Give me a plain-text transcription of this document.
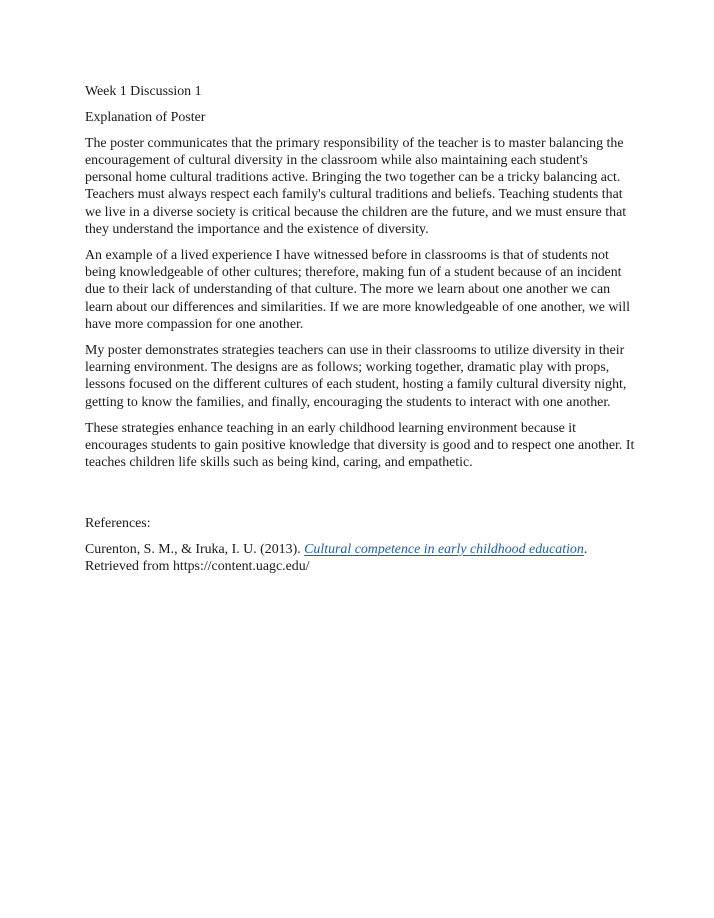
Week 1 Discussion 1

Explanation of Poster

The poster communicates that the primary responsibility of the teacher is to master balancing the encouragement of cultural diversity in the classroom while also maintaining each student's personal home cultural traditions active. Bringing the two together can be a tricky balancing act. Teachers must always respect each family's cultural traditions and beliefs. Teaching students that we live in a diverse society is critical because the children are the future, and we must ensure that they understand the importance and the existence of diversity.

An example of a lived experience I have witnessed before in classrooms is that of students not being knowledgeable of other cultures; therefore, making fun of a student because of an incident due to their lack of understanding of that culture. The more we learn about one another we can learn about our differences and similarities. If we are more knowledgeable of one another, we will have more compassion for one another.

My poster demonstrates strategies teachers can use in their classrooms to utilize diversity in their learning environment. The designs are as follows; working together, dramatic play with props, lessons focused on the different cultures of each student, hosting a family cultural diversity night, getting to know the families, and finally, encouraging the students to interact with one another.

These strategies enhance teaching in an early childhood learning environment because it encourages students to gain positive knowledge that diversity is good and to respect one another. It teaches children life skills such as being kind, caring, and empathetic.

References:

Curenton, S. M., & Iruka, I. U. (2013). Cultural competence in early childhood education.
Retrieved from https://content.uagc.edu/
